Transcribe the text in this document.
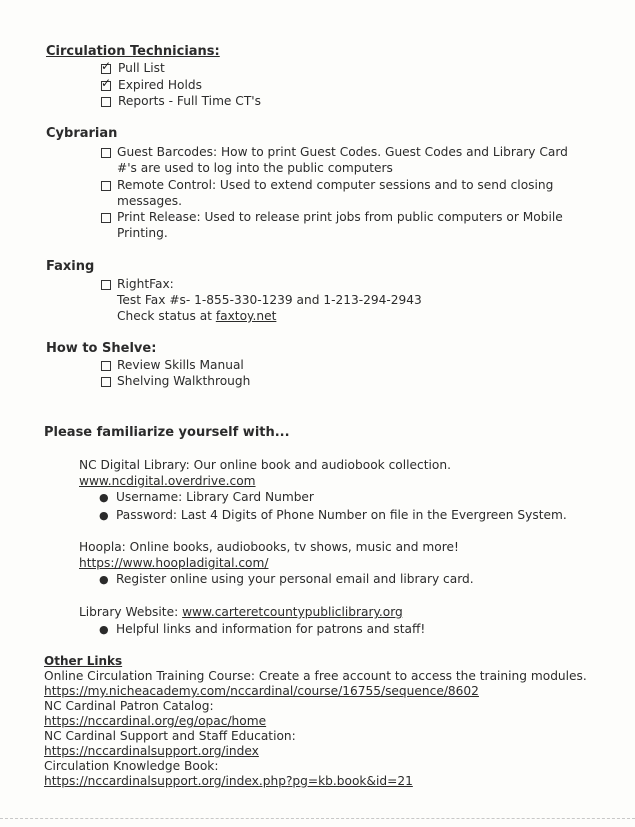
Circulation Technicians:
✓ Pull List
✓ Expired Holds
Reports - Full Time CT's
Cybrarian
Guest Barcodes: How to print Guest Codes. Guest Codes and Library Card
#'s are used to log into the public computers
Remote Control: Used to extend computer sessions and to send closing
messages.
Print Release: Used to release print jobs from public computers or Mobile
Printing.
Faxing
RightFax:
Test Fax #s- 1-855-330-1239 and 1-213-294-2943
Check status at faxtoy.net
How to Shelve:
Review Skills Manual
Shelving Walkthrough
Please familiarize yourself with...
NC Digital Library: Our online book and audiobook collection.
www.ncdigital.overdrive.com
● Username: Library Card Number
● Password: Last 4 Digits of Phone Number on file in the Evergreen System.
Hoopla: Online books, audiobooks, tv shows, music and more!
https://www.hoopladigital.com/
● Register online using your personal email and library card.
Library Website: www.carteretcountypubliclibrary.org
● Helpful links and information for patrons and staff!
Other Links
Online Circulation Training Course: Create a free account to access the training modules.
https://my.nicheacademy.com/nccardinal/course/16755/sequence/8602
NC Cardinal Patron Catalog:
https://nccardinal.org/eg/opac/home
NC Cardinal Support and Staff Education:
https://nccardinalsupport.org/index
Circulation Knowledge Book:
https://nccardinalsupport.org/index.php?pg=kb.book&id=21
